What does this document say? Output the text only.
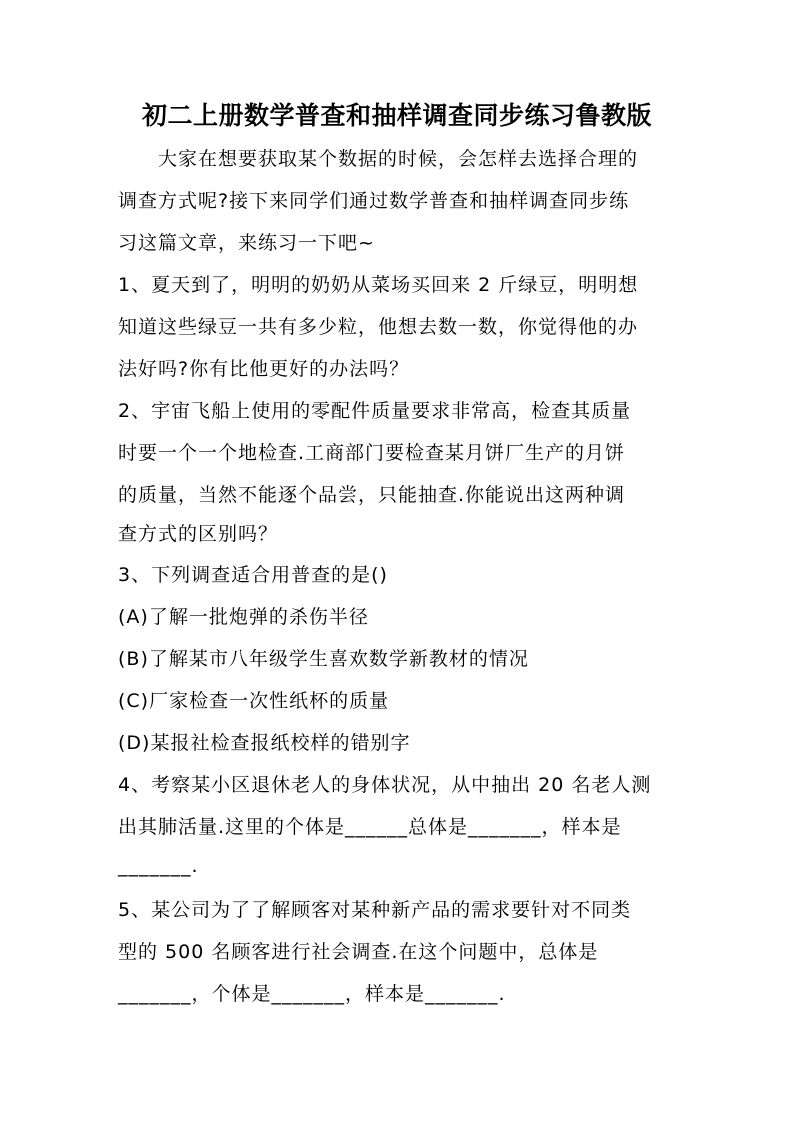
初二上册数学普查和抽样调查同步练习鲁教版
大家在想要获取某个数据的时候，会怎样去选择合理的
调查方式呢?接下来同学们通过数学普查和抽样调查同步练
习这篇文章，来练习一下吧~
1、夏天到了，明明的奶奶从菜场买回来 2 斤绿豆，明明想
知道这些绿豆一共有多少粒，他想去数一数，你觉得他的办
法好吗?你有比他更好的办法吗？
2、宇宙飞船上使用的零配件质量要求非常高，检查其质量
时要一个一个地检查.工商部门要检查某月饼厂生产的月饼
的质量，当然不能逐个品尝，只能抽查.你能说出这两种调
查方式的区别吗？
3、下列调查适合用普查的是()
(A)了解一批炮弹的杀伤半径
(B)了解某市八年级学生喜欢数学新教材的情况
(C)厂家检查一次性纸杯的质量
(D)某报社检查报纸校样的错别字
4、考察某小区退休老人的身体状况，从中抽出 20 名老人测
出其肺活量.这里的个体是______总体是_______，样本是
_______.
5、某公司为了了解顾客对某种新产品的需求要针对不同类
型的 500 名顾客进行社会调查.在这个问题中，总体是
_______，个体是_______，样本是_______.
